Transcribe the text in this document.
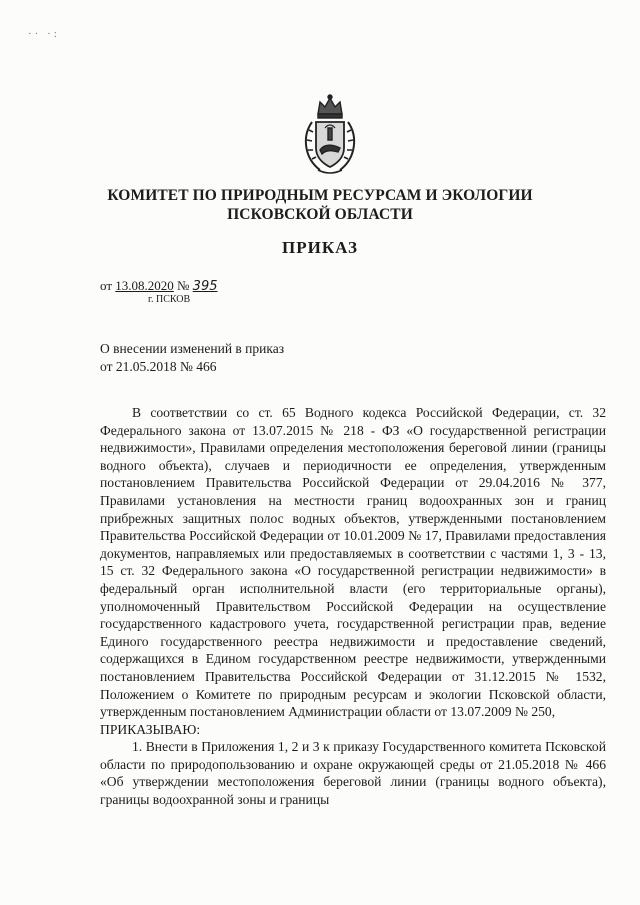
·· ·:
КОМИТЕТ ПО ПРИРОДНЫМ РЕСУРСАМ И ЭКОЛОГИИ
ПСКОВСКОЙ ОБЛАСТИ
ПРИКАЗ
от 13.08.2020 № 395
г. ПСКОВ
О внесении изменений в приказ
от 21.05.2018 № 466

В соответствии со ст. 65 Водного кодекса Российской Федерации, ст. 32 Федерального закона от 13.07.2015 № 218 - ФЗ «О государственной регистрации недвижимости», Правилами определения местоположения береговой линии (границы водного объекта), случаев и периодичности ее определения, утвержденным постановлением Правительства Российской Федерации от 29.04.2016 № 377, Правилами установления на местности границ водоохранных зон и границ прибрежных защитных полос водных объектов, утвержденными постановлением Правительства Российской Федерации от 10.01.2009 № 17, Правилами предоставления документов, направляемых или предоставляемых в соответствии с частями 1, 3 - 13, 15 ст. 32 Федерального закона «О государственной регистрации недвижимости» в федеральный орган исполнительной власти (его территориальные органы), уполномоченный Правительством Российской Федерации на осуществление государственного кадастрового учета, государственной регистрации прав, ведение Единого государственного реестра недвижимости и предоставление сведений, содержащихся в Едином государственном реестре недвижимости, утвержденными постановлением Правительства Российской Федерации от 31.12.2015 № 1532, Положением о Комитете по природным ресурсам и экологии Псковской области, утвержденным постановлением Администрации области от 13.07.2009 № 250,

ПРИКАЗЫВАЮ:

1. Внести в Приложения 1, 2 и 3 к приказу Государственного комитета Псковской области по природопользованию и охране окружающей среды от 21.05.2018 № 466 «Об утверждении местоположения береговой линии (границы водного объекта), границы водоохранной зоны и границы
